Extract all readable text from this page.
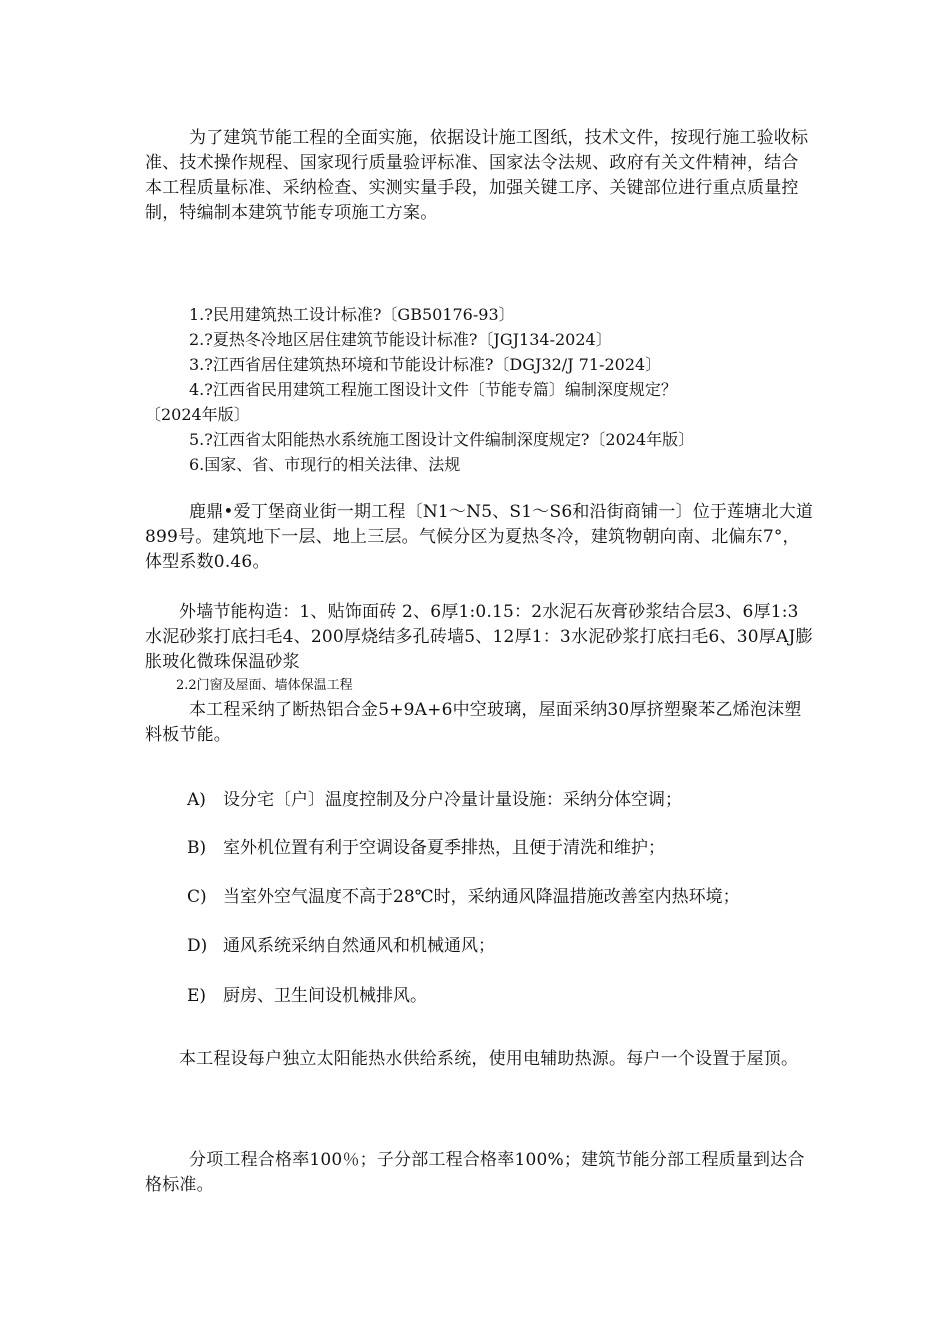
为了建筑节能工程的全面实施，依据设计施工图纸，技术文件，按现行施工验收标准、技术操作规程、国家现行质量验评标准、国家法令法规、政府有关文件精神，结合本工程质量标准、采纳检查、实测实量手段，加强关键工序、关键部位进行重点质量控制，特编制本建筑节能专项施工方案。

1.?民用建筑热工设计标准?〔GB50176-93〕
2.?夏热冬冷地区居住建筑节能设计标准?〔JGJ134-2024〕
3.?江西省居住建筑热环境和节能设计标准?〔DGJ32/J 71-2024〕
4.?江西省民用建筑工程施工图设计文件〔节能专篇〕编制深度规定？
〔2024年版〕
5.?江西省太阳能热水系统施工图设计文件编制深度规定?〔2024年版〕
6.国家、省、市现行的相关法律、法规

鹿鼎•爱丁堡商业街一期工程〔N1～N5、S1～S6和沿街商铺一〕位于莲塘北大道899号。建筑地下一层、地上三层。气候分区为夏热冬冷，建筑物朝向南、北偏东7°，体型系数0.46。

外墙节能构造：1、贴饰面砖 2、6厚1:0.15：2水泥石灰膏砂浆结合层3、6厚1:3水泥砂浆打底扫毛4、200厚烧结多孔砖墙5、12厚1：3水泥砂浆打底扫毛6、30厚AJ膨胀玻化微珠保温砂浆

2.2门窗及屋面、墙体保温工程

本工程采纳了断热铝合金5+9A+6中空玻璃，屋面采纳30厚挤塑聚苯乙烯泡沫塑料板节能。

A) 设分宅〔户〕温度控制及分户冷量计量设施：采纳分体空调；

B) 室外机位置有利于空调设备夏季排热，且便于清洗和维护；

C) 当室外空气温度不高于28℃时，采纳通风降温措施改善室内热环境；

D) 通风系统采纳自然通风和机械通风；

E) 厨房、卫生间设机械排风。

本工程设每户独立太阳能热水供给系统，使用电辅助热源。每户一个设置于屋顶。

分项工程合格率100％；子分部工程合格率100%；建筑节能分部工程质量到达合格标准。
